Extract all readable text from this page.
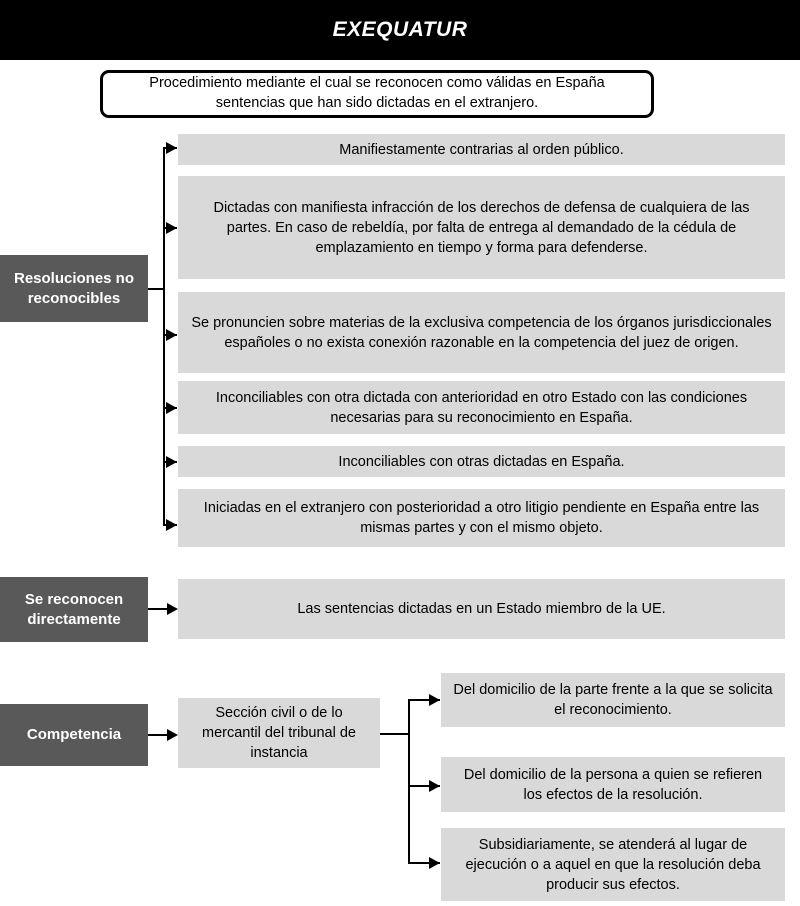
EXEQUATUR
Procedimiento mediante el cual se reconocen como válidas en España sentencias que han sido dictadas en el extranjero.
Resoluciones no reconocibles
Manifiestamente contrarias al orden público.
Dictadas con manifiesta infracción de los derechos de defensa de cualquiera de las partes. En caso de rebeldía, por falta de entrega al demandado de la cédula de emplazamiento en tiempo y forma para defenderse.
Se pronuncien sobre materias de la exclusiva competencia de los órganos jurisdiccionales españoles o no exista conexión razonable en la competencia del juez de origen.
Inconciliables con otra dictada con anterioridad en otro Estado con las condiciones necesarias para su reconocimiento en España.
Inconciliables con otras dictadas en España.
Iniciadas en el extranjero con posterioridad a otro litigio pendiente en España entre las mismas partes y con el mismo objeto.
Se reconocen directamente
Las sentencias dictadas en un Estado miembro de la UE.
Competencia
Sección civil o de lo mercantil del tribunal de instancia
Del domicilio de la parte frente a la que se solicita el reconocimiento.
Del domicilio de la persona a quien se refieren los efectos de la resolución.
Subsidiariamente, se atenderá al lugar de ejecución o a aquel en que la resolución deba producir sus efectos.
